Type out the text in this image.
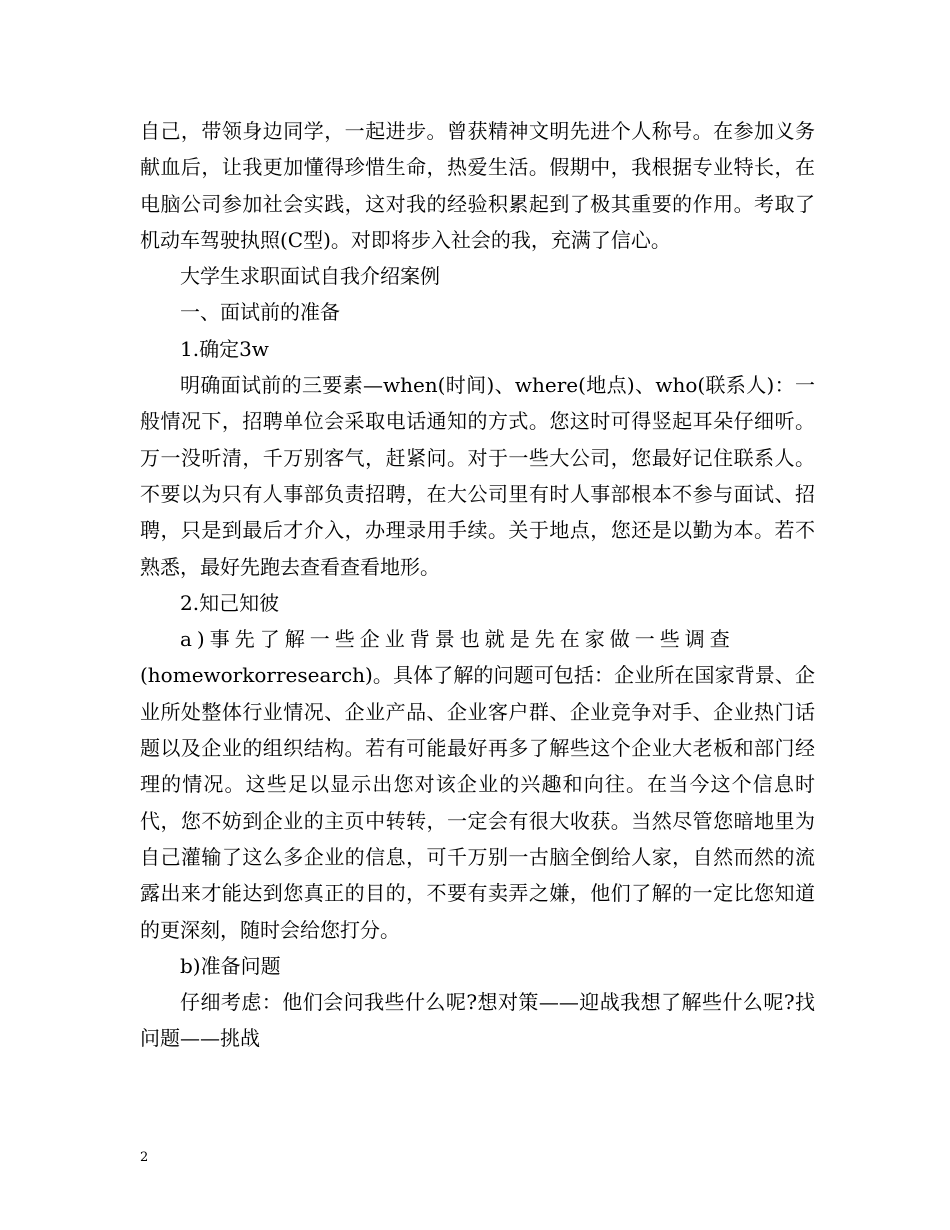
自己，带领身边同学，一起进步。曾获精神文明先进个人称号。在参加义务献血后，让我更加懂得珍惜生命，热爱生活。假期中，我根据专业特长，在电脑公司参加社会实践，这对我的经验积累起到了极其重要的作用。考取了机动车驾驶执照(C型)。对即将步入社会的我，充满了信心。

大学生求职面试自我介绍案例

一、面试前的准备

1.确定3w

明确面试前的三要素—when(时间)、where(地点)、who(联系人)：一般情况下，招聘单位会采取电话通知的方式。您这时可得竖起耳朵仔细听。万一没听清，千万别客气，赶紧问。对于一些大公司，您最好记住联系人。不要以为只有人事部负责招聘，在大公司里有时人事部根本不参与面试、招聘，只是到最后才介入，办理录用手续。关于地点，您还是以勤为本。若不熟悉，最好先跑去查看查看地形。

2.知己知彼

a)事先了解一些企业背景也就是先在家做一些调查

(homeworkorresearch)。具体了解的问题可包括：企业所在国家背景、企业所处整体行业情况、企业产品、企业客户群、企业竞争对手、企业热门话题以及企业的组织结构。若有可能最好再多了解些这个企业大老板和部门经理的情况。这些足以显示出您对该企业的兴趣和向往。在当今这个信息时代，您不妨到企业的主页中转转，一定会有很大收获。当然尽管您暗地里为自己灌输了这么多企业的信息，可千万别一古脑全倒给人家，自然而然的流露出来才能达到您真正的目的，不要有卖弄之嫌，他们了解的一定比您知道的更深刻，随时会给您打分。

b)准备问题

仔细考虑：他们会问我些什么呢?想对策——迎战我想了解些什么呢?找问题——挑战

2
